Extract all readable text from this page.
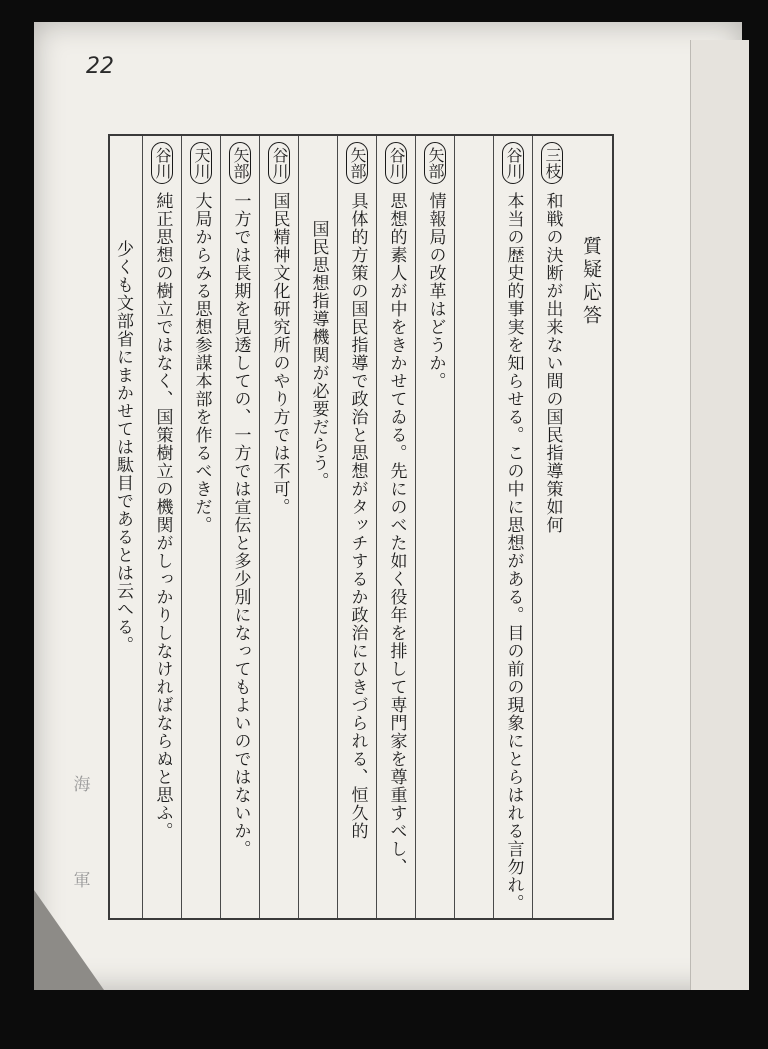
22
海
軍
質疑応答
三枝
和戦の決断が出来ない間の国民指導策如何
谷川
本当の歴史的事実を知らせる。この中に思想がある。目の前の現象にとらはれる言勿れ。
矢部
情報局の改革はどうか。
谷川
思想的素人が中をきかせてゐる。先にのべた如く役年を排して専門家を尊重すべし、
矢部
具体的方策の国民指導で政治と思想がタッチするか政治にひきづられる、恒久的
国民思想指導機関が必要だらう。
谷川
国民精神文化研究所のやり方では不可。
矢部
一方では長期を見透しての、一方では宣伝と多少別になってもよいのではないか。
天川
大局からみる思想参謀本部を作るべきだ。
谷川
純正思想の樹立ではなく、国策樹立の機関がしっかりしなければならぬと思ふ。
少くも文部省にまかせては駄目であるとは云へる。
